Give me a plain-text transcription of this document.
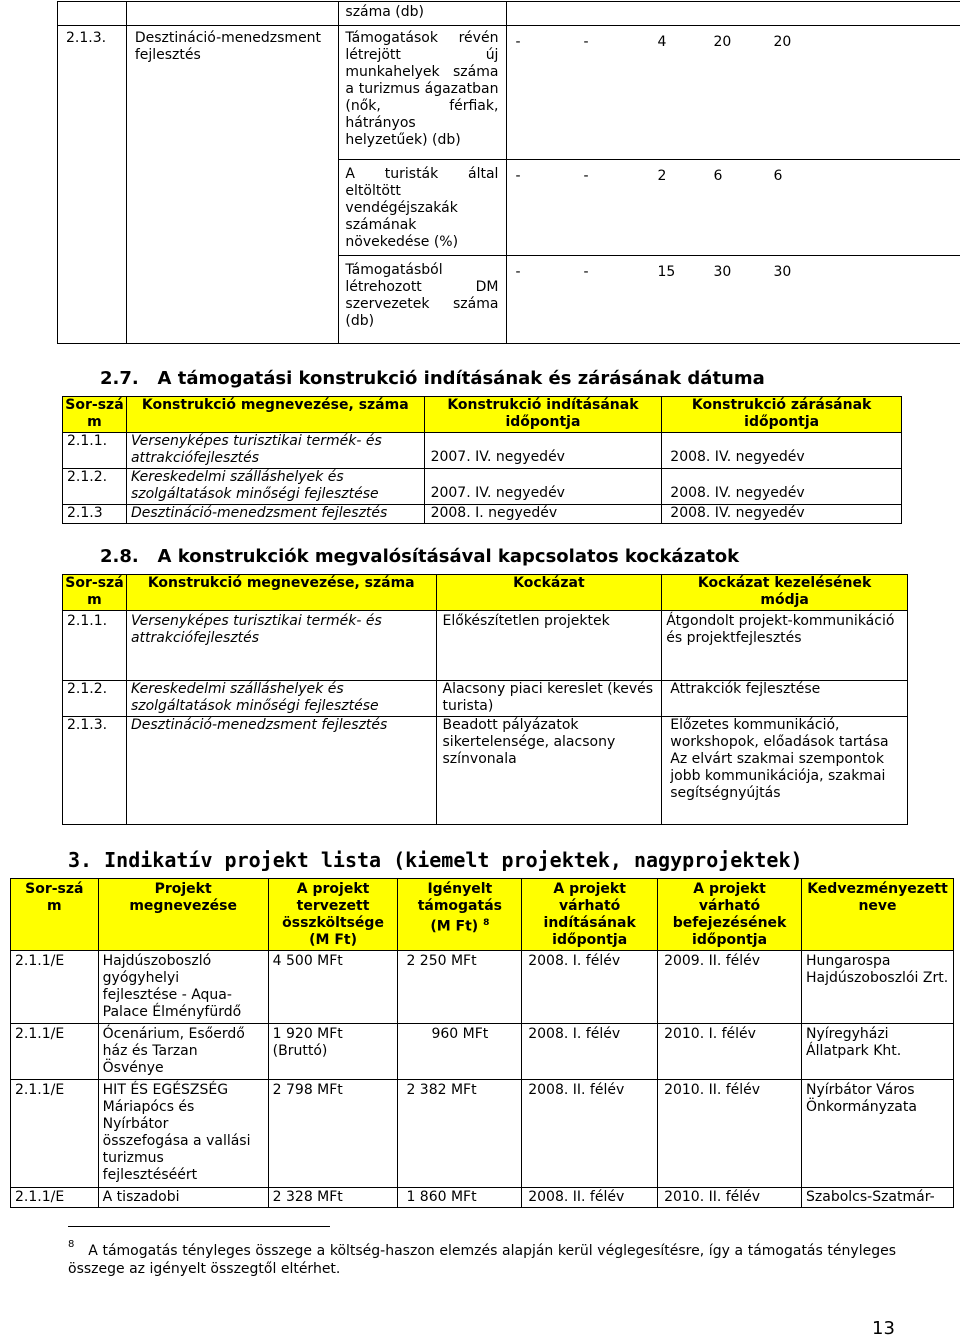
		száma (db)	
2.1.3.	Desztináció-menedzsment fejlesztés	Támogatások révén létrejött új munkahelyek száma a turizmus ágazatban (nők, férfiak, hátrányos helyzetűek) (db)	- - 4 20 20
		A turisták által eltöltött vendégéjszakák számának növekedése (%)	- - 2 6 6
		Támogatásból létrehozott DM szervezetek száma (db)	- - 15 30 30
2.7. A támogatási konstrukció indításának és zárásának dátuma
Sor-szám	Konstrukció megnevezése, száma	Konstrukció indításának időpontja	Konstrukció zárásának időpontja
2.1.1.	Versenyképes turisztikai termék- és attrakciófejlesztés	2007. IV. negyedév	2008. IV. negyedév
2.1.2.	Kereskedelmi szálláshelyek és szolgáltatások minőségi fejlesztése	2007. IV. negyedév	2008. IV. negyedév
2.1.3	Desztináció-menedzsment fejlesztés	2008. I. negyedév	2008. IV. negyedév
2.8. A konstrukciók megvalósításával kapcsolatos kockázatok
Sor-szám	Konstrukció megnevezése, száma	Kockázat	Kockázat kezelésének módja
2.1.1.	Versenyképes turisztikai termék- és attrakciófejlesztés	Előkészítetlen projektek	Átgondolt projekt-kommunikáció és projektfejlesztés
2.1.2.	Kereskedelmi szálláshelyek és szolgáltatások minőségi fejlesztése	Alacsony piaci kereslet (kevés turista)	Attrakciók fejlesztése
2.1.3.	Desztináció-menedzsment fejlesztés	Beadott pályázatok sikertelensége, alacsony színvonala	Előzetes kommunikáció, workshopok, előadások tartása
Az elvárt szakmai szempontok jobb kommunikációja, szakmai segítségnyújtás
3. Indikatív projekt lista (kiemelt projektek, nagyprojektek)
Sor-szám	Projekt megnevezése	A projekt tervezett összköltsége (M Ft)	Igényelt támogatás (M Ft) $^8$	A projekt várható indításának időpontja	A projekt várható befejezésének időpontja	Kedvezményezett neve
2.1.1/E	Hajdúszoboszló gyógyhelyi fejlesztése - Aqua-Palace Élményfürdő	4 500 MFt	2 250 MFt	2008. I. félév	2009. II. félév	Hungarospa Hajdúszoboszlói Zrt.
2.1.1/E	Ócenárium, Esőerdő ház és Tarzan Ösvénye	1 920 MFt (Bruttó)	960 MFt	2008. I. félév	2010. I. félév	Nyíregyházi Állatpark Kht.
2.1.1/E	HIT ÉS EGÉSZSÉG Máriapócs és Nyírbátor összefogása a vallási turizmus fejlesztéséért	2 798 MFt	2 382 MFt	2008. II. félév	2010. II. félév	Nyírbátor Város Önkormányzata
2.1.1/E	A tiszadobi	2 328 MFt	1 860 MFt	2008. II. félév	2010. II. félév	Szabolcs-Szatmár-
$^8$ A támogatás tényleges összege a költség-haszon elemzés alapján kerül véglegesítésre, így a támogatás tényleges összege az igényelt összegtől eltérhet.
13
